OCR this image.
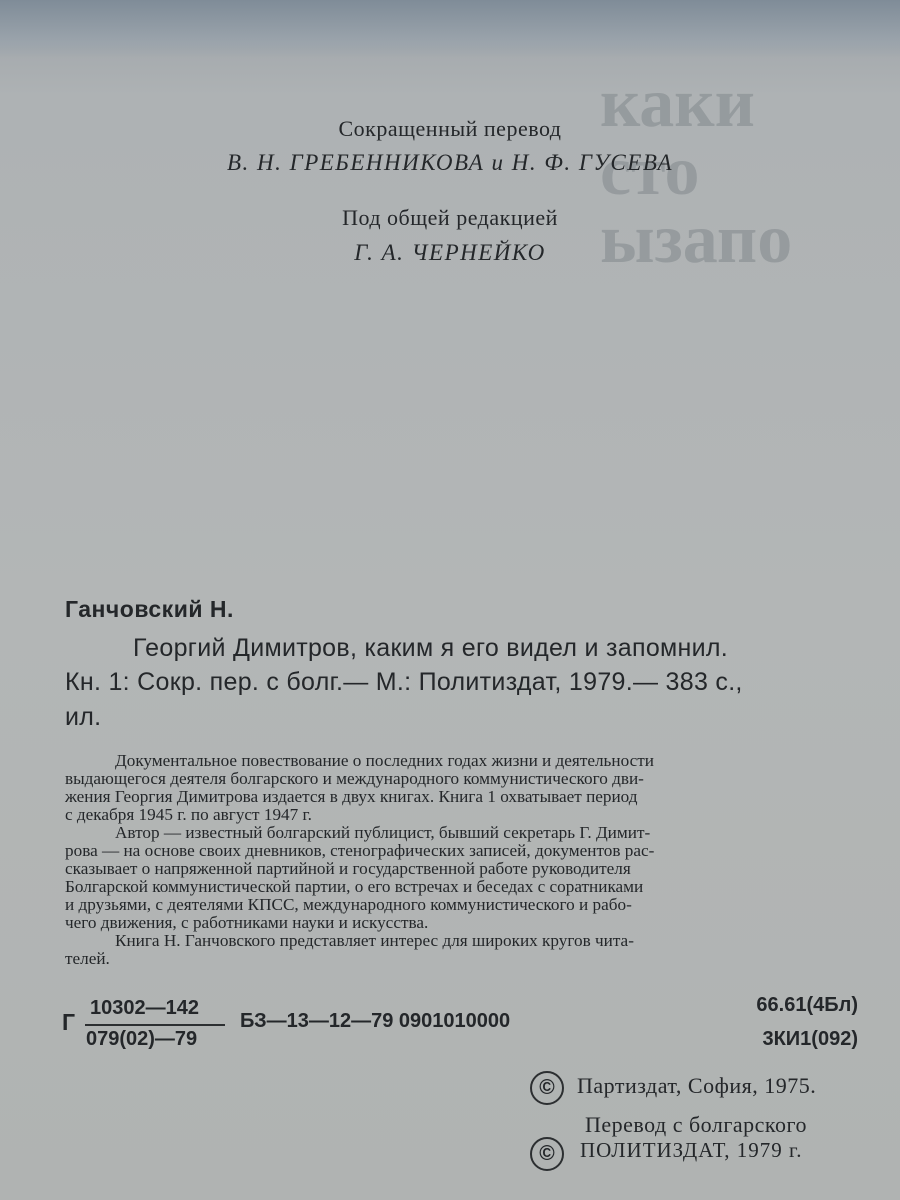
каки
сто
ызапо
Сокращенный перевод
В. Н. ГРЕБЕННИКОВА и Н. Ф. ГУСЕВА
Под общей редакцией
Г. А. ЧЕРНЕЙКО
Ганчовский Н.
Георгий Димитров, каким я его видел и запомнил.
Кн. 1: Сокр. пер. с болг.— М.: Политиздат, 1979.— 383 с.,
ил.

Документальное повествование о последних годах жизни и деятельности
выдающегося деятеля болгарского и международного коммунистического дви-
жения Георгия Димитрова издается в двух книгах. Книга 1 охватывает период
с декабря 1945 г. по август 1947 г.

Автор — известный болгарский публицист, бывший секретарь Г. Димит-
рова — на основе своих дневников, стенографических записей, документов рас-
сказывает о напряженной партийной и государственной работе руководителя
Болгарской коммунистической партии, о его встречах и беседах с соратниками
и друзьями, с деятелями КПСС, международного коммунистического и рабо-
чего движения, с работниками науки и искусства.

Книга Н. Ганчовского представляет интерес для широких кругов чита-
телей.

Г
10302—142
079(02)—79
БЗ—13—12—79 0901010000
66.61(4Бл)
3КИ1(092)
©	Партиздат, София, 1975.
Перевод с болгарского
©	ПОЛИТИЗДАТ, 1979 г.
